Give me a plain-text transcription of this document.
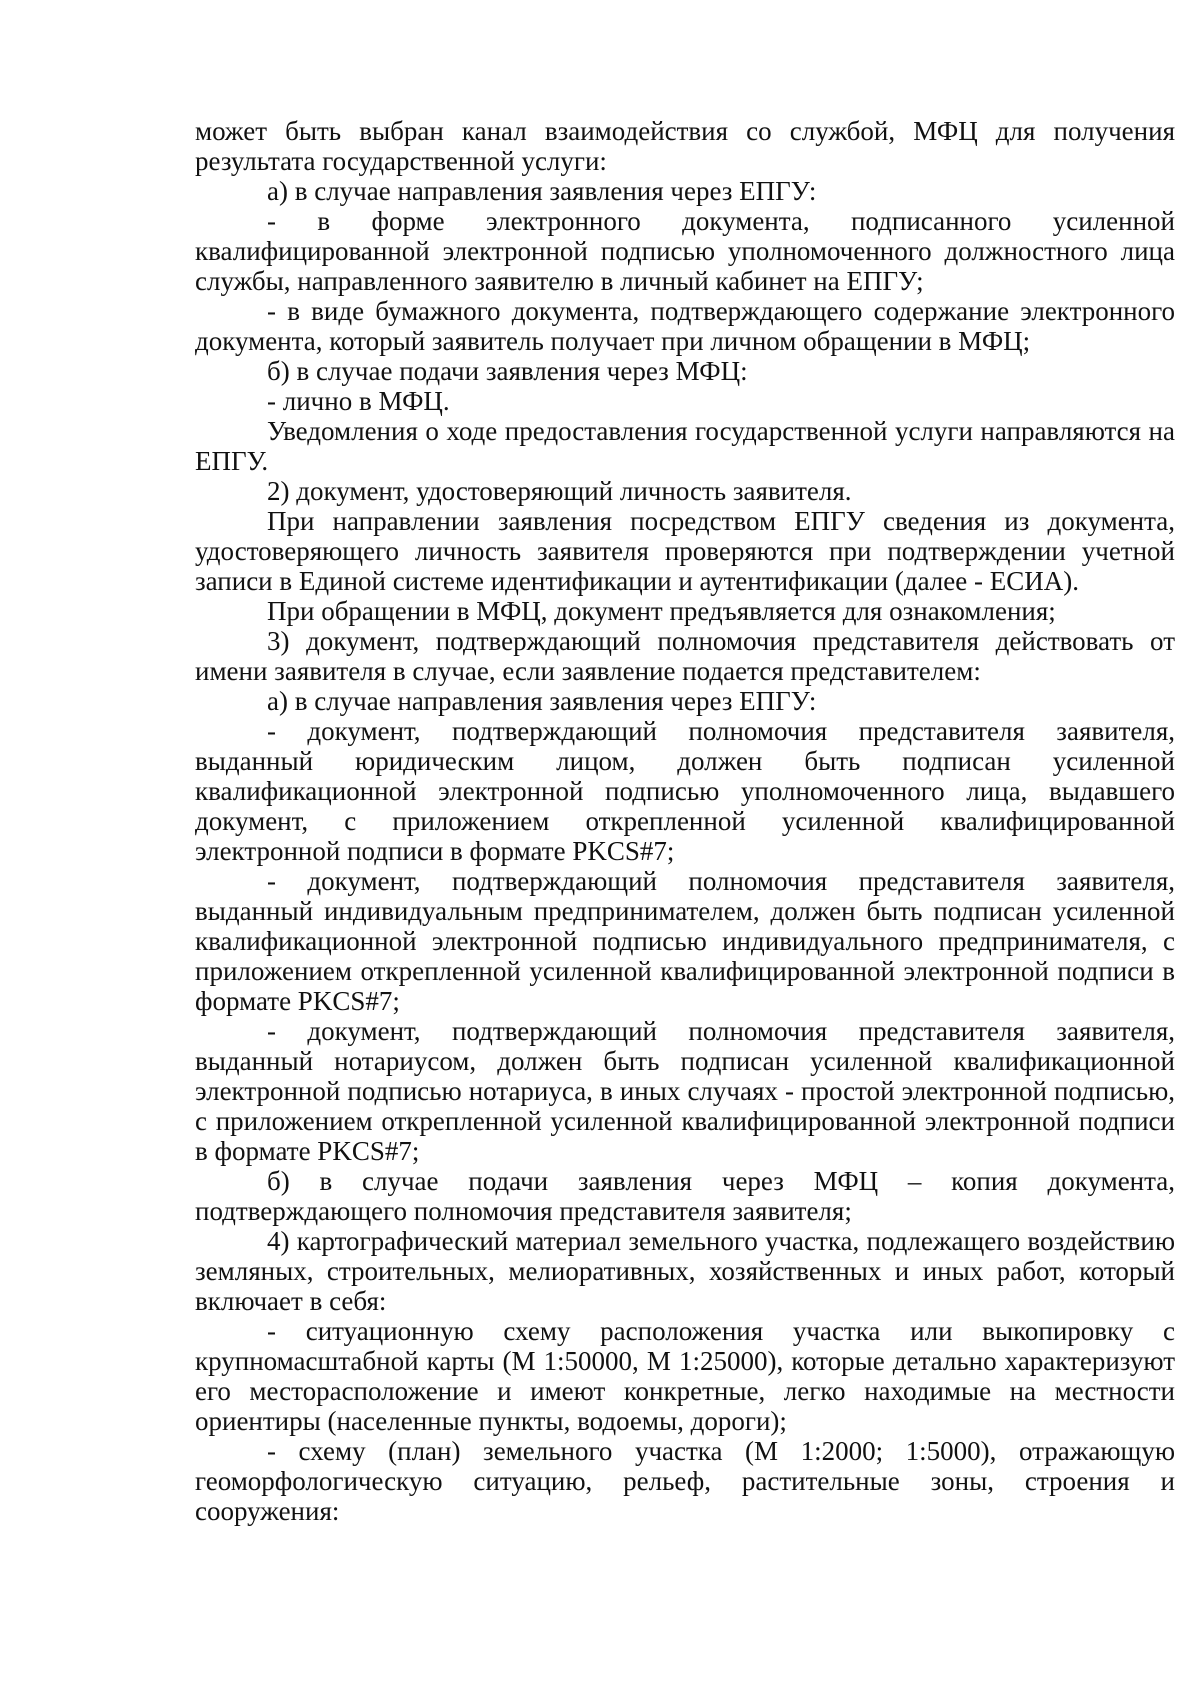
может быть выбран канал взаимодействия со службой, МФЦ для получения результата государственной услуги:

а) в случае направления заявления через ЕПГУ:

- в форме электронного документа, подписанного усиленной квалифицированной электронной подписью уполномоченного должностного лица службы, направленного заявителю в личный кабинет на ЕПГУ;

- в виде бумажного документа, подтверждающего содержание электронного документа, который заявитель получает при личном обращении в МФЦ;

б) в случае подачи заявления через МФЦ:

- лично в МФЦ.

Уведомления о ходе предоставления государственной услуги направляются на ЕПГУ.

2) документ, удостоверяющий личность заявителя.

При направлении заявления посредством ЕПГУ сведения из документа, удостоверяющего личность заявителя проверяются при подтверждении учетной записи в Единой системе идентификации и аутентификации (далее - ЕСИА).

При обращении в МФЦ, документ предъявляется для ознакомления;

3) документ, подтверждающий полномочия представителя действовать от имени заявителя в случае, если заявление подается представителем:

а) в случае направления заявления через ЕПГУ:

- документ, подтверждающий полномочия представителя заявителя, выданный юридическим лицом, должен быть подписан усиленной квалификационной электронной подписью уполномоченного лица, выдавшего документ, с приложением открепленной усиленной квалифицированной электронной подписи в формате PKCS#7;

- документ, подтверждающий полномочия представителя заявителя, выданный индивидуальным предпринимателем, должен быть подписан усиленной квалификационной электронной подписью индивидуального предпринимателя, с приложением открепленной усиленной квалифицированной электронной подписи в формате PKCS#7;

- документ, подтверждающий полномочия представителя заявителя, выданный нотариусом, должен быть подписан усиленной квалификационной электронной подписью нотариуса, в иных случаях - простой электронной подписью, с приложением открепленной усиленной квалифицированной электронной подписи в формате PKCS#7;

б) в случае подачи заявления через МФЦ – копия документа, подтверждающего полномочия представителя заявителя;

4) картографический материал земельного участка, подлежащего воздействию земляных, строительных, мелиоративных, хозяйственных и иных работ, который включает в себя:

- ситуационную схему расположения участка или выкопировку с крупномасштабной карты (М 1:50000, М 1:25000), которые детально характеризуют его месторасположение и имеют конкретные, легко находимые на местности ориентиры (населенные пункты, водоемы, дороги);

- схему (план) земельного участка (М 1:2000; 1:5000), отражающую геоморфологическую ситуацию, рельеф, растительные зоны, строения и сооружения:
